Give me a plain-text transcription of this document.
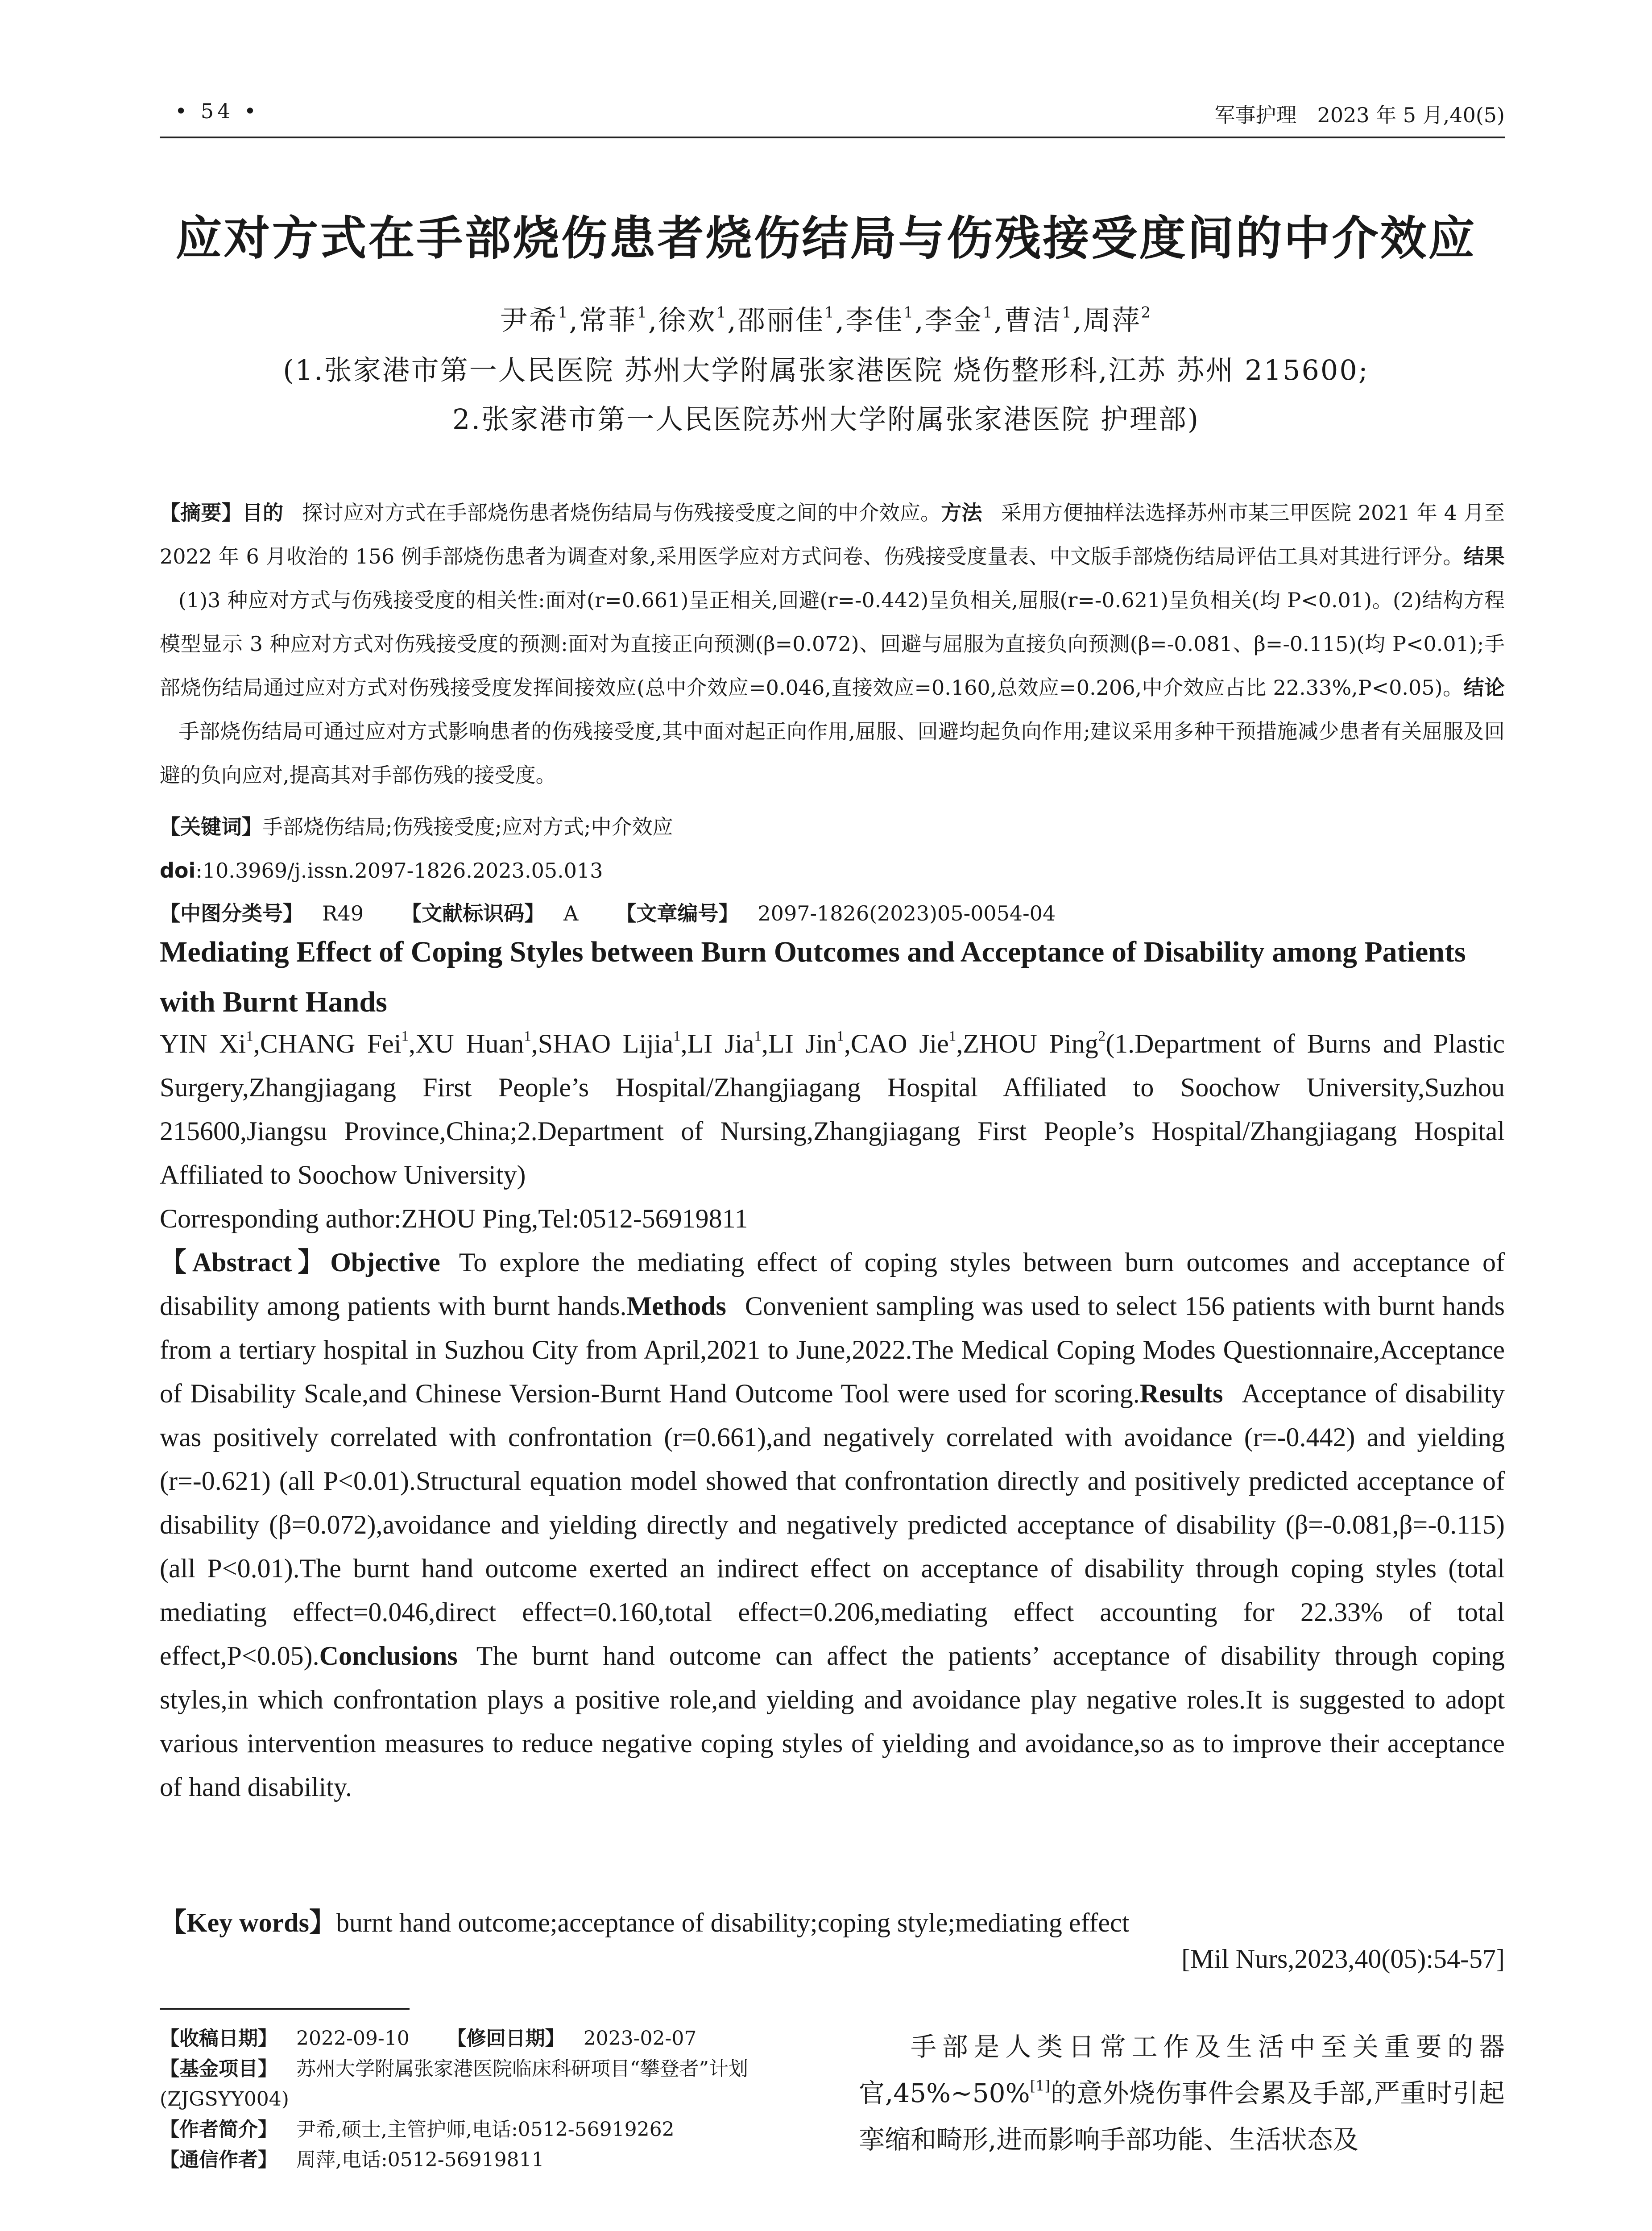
• 54 •	军事护理　2023 年 5 月,40(5)
应对方式在手部烧伤患者烧伤结局与伤残接受度间的中介效应
尹希$^1$,常菲$^1$,徐欢$^1$,邵丽佳$^1$,李佳$^1$,李金$^1$,曹洁$^1$,周萍$^2$
(1.张家港市第一人民医院 苏州大学附属张家港医院 烧伤整形科,江苏 苏州 215600;
2.张家港市第一人民医院苏州大学附属张家港医院 护理部)
【摘要】目的 探讨应对方式在手部烧伤患者烧伤结局与伤残接受度之间的中介效应。方法 采用方便抽样法选择苏州市某三甲医院 2021 年 4 月至 2022 年 6 月收治的 156 例手部烧伤患者为调查对象,采用医学应对方式问卷、伤残接受度量表、中文版手部烧伤结局评估工具对其进行评分。结果(1)3 种应对方式与伤残接受度的相关性:面对(r=0.661)呈正相关,回避(r=-0.442)呈负相关,屈服(r=-0.621)呈负相关(均 P<0.01)。(2)结构方程模型显示 3 种应对方式对伤残接受度的预测:面对为直接正向预测(β=0.072)、回避与屈服为直接负向预测(β=-0.081、β=-0.115)(均 P<0.01);手部烧伤结局通过应对方式对伤残接受度发挥间接效应(总中介效应=0.046,直接效应=0.160,总效应=0.206,中介效应占比 22.33%,P<0.05)。结论手部烧伤结局可通过应对方式影响患者的伤残接受度,其中面对起正向作用,屈服、回避均起负向作用;建议采用多种干预措施减少患者有关屈服及回避的负向应对,提高其对手部伤残的接受度。
【关键词】手部烧伤结局;伤残接受度;应对方式;中介效应
doi:10.3969/j.issn.2097-1826.2023.05.013
【中图分类号】 R49 【文献标识码】 A 【文章编号】 2097-1826(2023)05-0054-04
Mediating Effect of Coping Styles between Burn Outcomes and Acceptance of Disability among Patients with Burnt Hands
YIN Xi$^1$,CHANG Fei$^1$,XU Huan$^1$,SHAO Lijia$^1$,LI Jia$^1$,LI Jin$^1$,CAO Jie$^1$,ZHOU Ping$^2$(1.Department of Burns and Plastic Surgery,Zhangjiagang First People’s Hospital/Zhangjiagang Hospital Affiliated to Soochow University,Suzhou 215600,Jiangsu Province,China;2.Department of Nursing,Zhangjiagang First People’s Hospital/Zhangjiagang Hospital Affiliated to Soochow University)
Corresponding author:ZHOU Ping,Tel:0512-56919811
【Abstract】Objective To explore the mediating effect of coping styles between burn outcomes and acceptance of disability among patients with burnt hands.Methods Convenient sampling was used to select 156 patients with burnt hands from a tertiary hospital in Suzhou City from April,2021 to June,2022.The Medical Coping Modes Questionnaire,Acceptance of Disability Scale,and Chinese Version-Burnt Hand Outcome Tool were used for scoring.Results Acceptance of disability was positively correlated with confrontation (r=0.661),and negatively correlated with avoidance (r=-0.442) and yielding (r=-0.621) (all P<0.01).Structural equation model showed that confrontation directly and positively predicted acceptance of disability (β=0.072),avoidance and yielding directly and negatively predicted acceptance of disability (β=-0.081,β=-0.115) (all P<0.01).The burnt hand outcome exerted an indirect effect on acceptance of disability through coping styles (total mediating effect=0.046,direct effect=0.160,total effect=0.206,mediating effect accounting for 22.33% of total effect,P<0.05).Conclusions The burnt hand outcome can affect the patients’ acceptance of disability through coping styles,in which confrontation plays a positive role,and yielding and avoidance play negative roles.It is suggested to adopt various intervention measures to reduce negative coping styles of yielding and avoidance,so as to improve their acceptance of hand disability.
【Key words】burnt hand outcome;acceptance of disability;coping style;mediating effect
[Mil Nurs,2023,40(05):54-57]
【收稿日期】 2022-09-10 【修回日期】 2023-02-07
【基金项目】 苏州大学附属张家港医院临床科研项目“攀登者”计划(ZJGSYY004)
【作者简介】 尹希,硕士,主管护师,电话:0512-56919262
【通信作者】 周萍,电话:0512-56919811
手部是人类日常工作及生活中至关重要的器官,45%~50%[1]的意外烧伤事件会累及手部,严重时引起挛缩和畸形,进而影响手部功能、生活状态及
